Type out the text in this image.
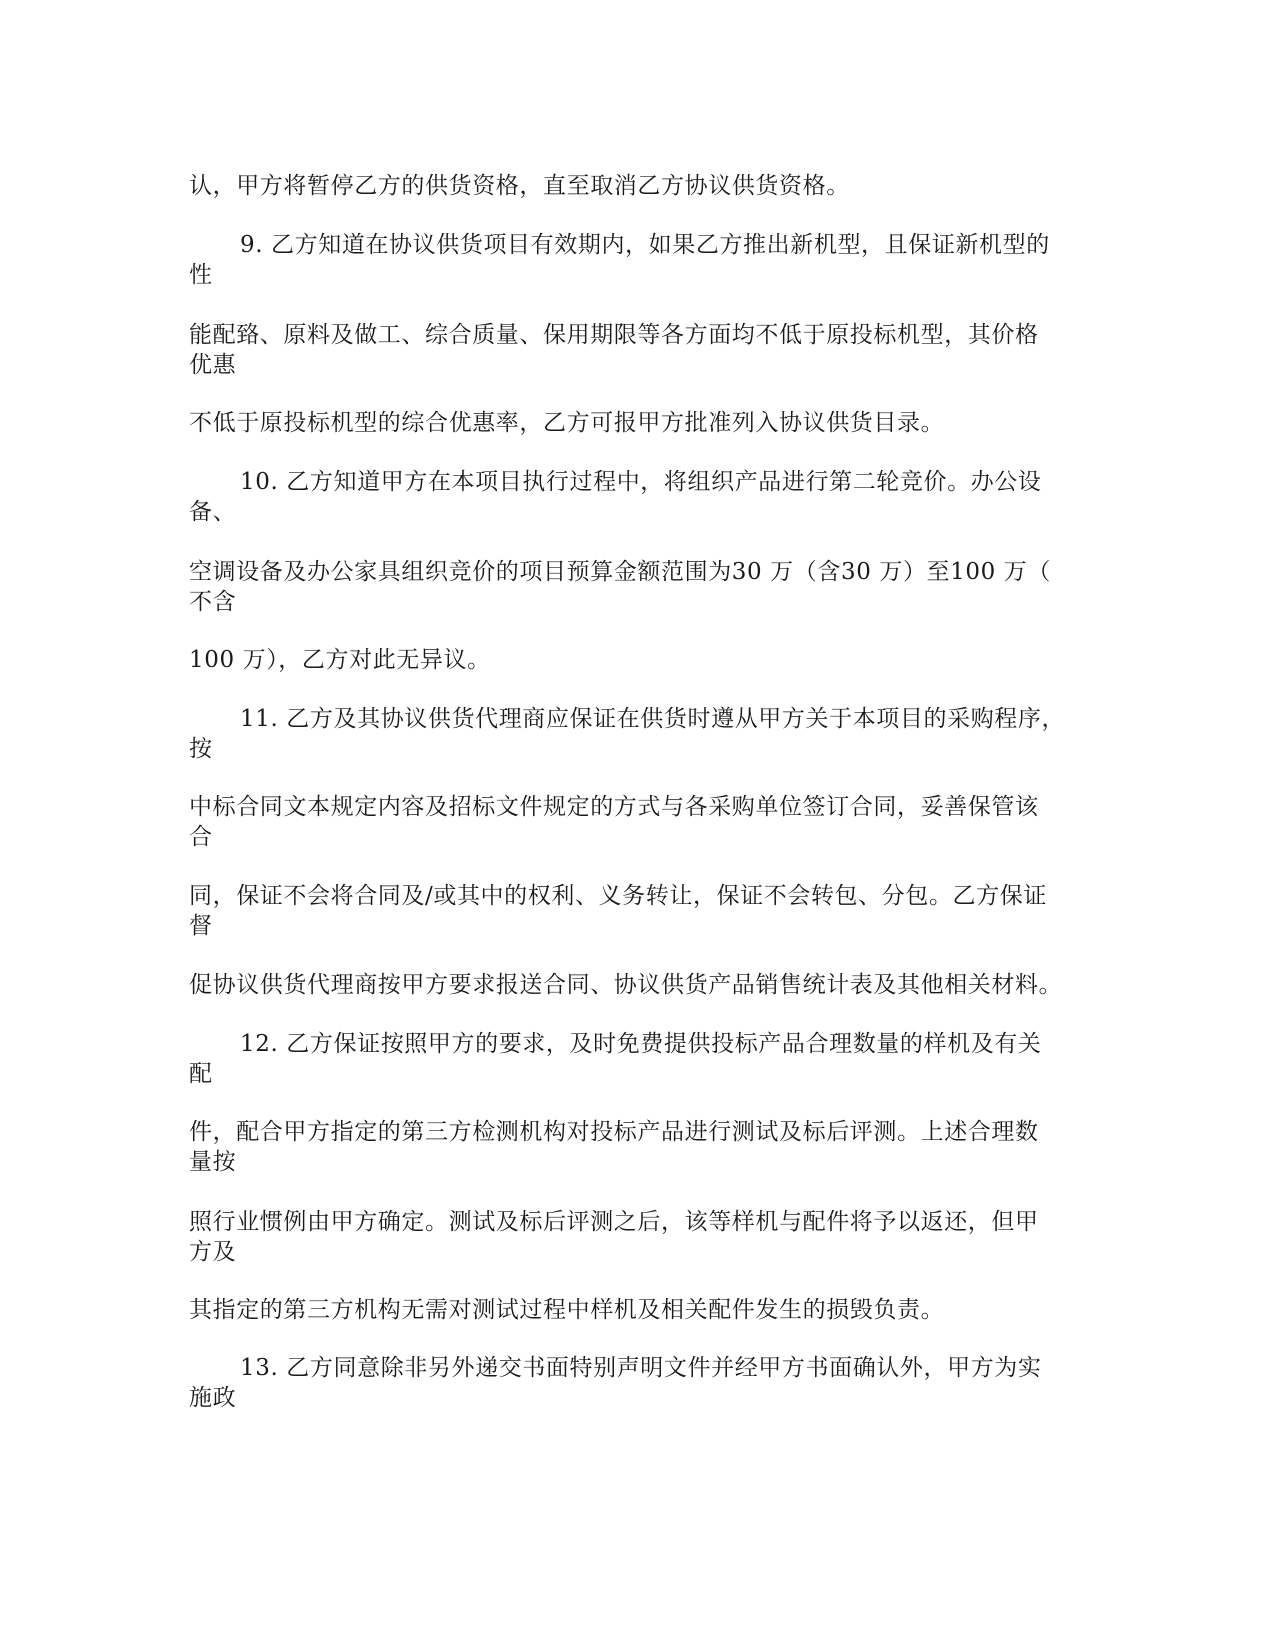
认，甲方将暂停乙方的供货资格，直至取消乙方协议供货资格。
9. 乙方知道在协议供货项目有效期内，如果乙方推出新机型，且保证新机型的
性
能配臵、原料及做工、综合质量、保用期限等各方面均不低于原投标机型，其价格
优惠
不低于原投标机型的综合优惠率，乙方可报甲方批准列入协议供货目录。
10. 乙方知道甲方在本项目执行过程中，将组织产品进行第二轮竞价。办公设
备、
空调设备及办公家具组织竞价的项目预算金额范围为30 万（含30 万）至100 万（
不含
100 万），乙方对此无异议。
11. 乙方及其协议供货代理商应保证在供货时遵从甲方关于本项目的采购程序，
按
中标合同文本规定内容及招标文件规定的方式与各采购单位签订合同，妥善保管该
合
同，保证不会将合同及/或其中的权利、义务转让，保证不会转包、分包。乙方保证
督
促协议供货代理商按甲方要求报送合同、协议供货产品销售统计表及其他相关材料。
12. 乙方保证按照甲方的要求，及时免费提供投标产品合理数量的样机及有关
配
件，配合甲方指定的第三方检测机构对投标产品进行测试及标后评测。上述合理数
量按
照行业惯例由甲方确定。测试及标后评测之后，该等样机与配件将予以返还，但甲
方及
其指定的第三方机构无需对测试过程中样机及相关配件发生的损毁负责。
13. 乙方同意除非另外递交书面特别声明文件并经甲方书面确认外，甲方为实
施政
